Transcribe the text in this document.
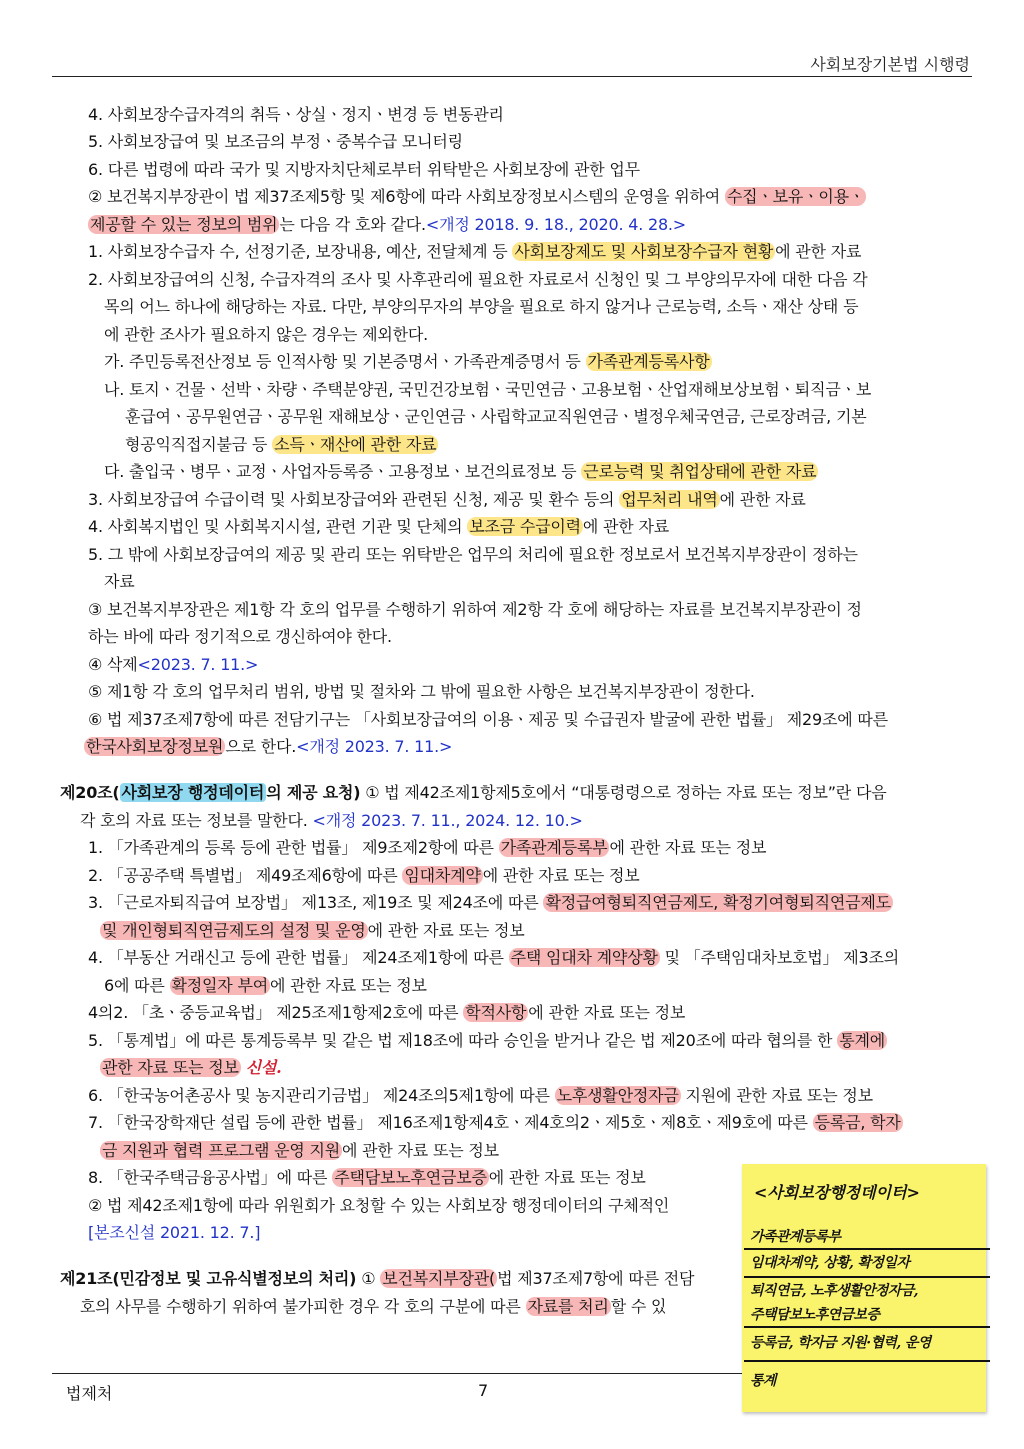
사회보장기본법 시행령
4. 사회보장수급자격의 취득ㆍ상실ㆍ정지ㆍ변경 등 변동관리
5. 사회보장급여 및 보조금의 부정ㆍ중복수급 모니터링
6. 다른 법령에 따라 국가 및 지방자치단체로부터 위탁받은 사회보장에 관한 업무
② 보건복지부장관이 법 제37조제5항 및 제6항에 따라 사회보장정보시스템의 운영을 위하여 수집ㆍ보유ㆍ이용ㆍ
제공할 수 있는 정보의 범위 는 다음 각 호와 같다.<개정 2018. 9. 18., 2020. 4. 28.>
1. 사회보장수급자 수, 선정기준, 보장내용, 예산, 전달체계 등 사회보장제도 및 사회보장수급자 현황 에 관한 자료
2. 사회보장급여의 신청, 수급자격의 조사 및 사후관리에 필요한 자료로서 신청인 및 그 부양의무자에 대한 다음 각
목의 어느 하나에 해당하는 자료. 다만, 부양의무자의 부양을 필요로 하지 않거나 근로능력, 소득ㆍ재산 상태 등
에 관한 조사가 필요하지 않은 경우는 제외한다.
가. 주민등록전산정보 등 인적사항 및 기본증명서ㆍ가족관계증명서 등 가족관계등록사항
나. 토지ㆍ건물ㆍ선박ㆍ차량ㆍ주택분양권, 국민건강보험ㆍ국민연금ㆍ고용보험ㆍ산업재해보상보험ㆍ퇴직금ㆍ보
훈급여ㆍ공무원연금ㆍ공무원 재해보상ㆍ군인연금ㆍ사립학교교직원연금ㆍ별정우체국연금, 근로장려금, 기본
형공익직접지불금 등 소득ㆍ재산에 관한 자료
다. 출입국ㆍ병무ㆍ교정ㆍ사업자등록증ㆍ고용정보ㆍ보건의료정보 등 근로능력 및 취업상태에 관한 자료
3. 사회보장급여 수급이력 및 사회보장급여와 관련된 신청, 제공 및 환수 등의 업무처리 내역 에 관한 자료
4. 사회복지법인 및 사회복지시설, 관련 기관 및 단체의 보조금 수급이력 에 관한 자료
5. 그 밖에 사회보장급여의 제공 및 관리 또는 위탁받은 업무의 처리에 필요한 정보로서 보건복지부장관이 정하는
자료
③ 보건복지부장관은 제1항 각 호의 업무를 수행하기 위하여 제2항 각 호에 해당하는 자료를 보건복지부장관이 정
하는 바에 따라 정기적으로 갱신하여야 한다.
④ 삭제<2023. 7. 11.>
⑤ 제1항 각 호의 업무처리 범위, 방법 및 절차와 그 밖에 필요한 사항은 보건복지부장관이 정한다.
⑥ 법 제37조제7항에 따른 전담기구는 「사회보장급여의 이용ㆍ제공 및 수급권자 발굴에 관한 법률」 제29조에 따른
한국사회보장정보원 으로 한다.<개정 2023. 7. 11.>
제20조( 사회보장 행정데이터 의 제공 요청) ① 법 제42조제1항제5호에서 “대통령령으로 정하는 자료 또는 정보”란 다음
각 호의 자료 또는 정보를 말한다. <개정 2023. 7. 11., 2024. 12. 10.>
1. 「가족관계의 등록 등에 관한 법률」 제9조제2항에 따른 가족관계등록부 에 관한 자료 또는 정보
2. 「공공주택 특별법」 제49조제6항에 따른 임대차계약 에 관한 자료 또는 정보
3. 「근로자퇴직급여 보장법」 제13조, 제19조 및 제24조에 따른 확정급여형퇴직연금제도, 확정기여형퇴직연금제도
및 개인형퇴직연금제도의 설정 및 운영 에 관한 자료 또는 정보
4. 「부동산 거래신고 등에 관한 법률」 제24조제1항에 따른 주택 임대차 계약상황 및 「주택임대차보호법」 제3조의
6에 따른 확정일자 부여 에 관한 자료 또는 정보
4의2. 「초ㆍ중등교육법」 제25조제1항제2호에 따른 학적사항 에 관한 자료 또는 정보
5. 「통계법」에 따른 통계등록부 및 같은 법 제18조에 따라 승인을 받거나 같은 법 제20조에 따라 협의를 한 통계에
관한 자료 또는 정보 신설.
6. 「한국농어촌공사 및 농지관리기금법」 제24조의5제1항에 따른 노후생활안정자금 지원에 관한 자료 또는 정보
7. 「한국장학재단 설립 등에 관한 법률」 제16조제1항제4호ㆍ제4호의2ㆍ제5호ㆍ제8호ㆍ제9호에 따른 등록금, 학자
금 지원과 협력 프로그램 운영 지원 에 관한 자료 또는 정보
8. 「한국주택금융공사법」에 따른 주택담보노후연금보증 에 관한 자료 또는 정보
② 법 제42조제1항에 따라 위원회가 요청할 수 있는 사회보장 행정데이터의 구체적인
[본조신설 2021. 12. 7.]
제21조(민감정보 및 고유식별정보의 처리) ① 보건복지부장관( 법 제37조제7항에 따른 전담
호의 사무를 수행하기 위하여 불가피한 경우 각 호의 구분에 따른 자료를 처리 할 수 있
법제처	7
<사회보장행정데이터>
가족관계등록부
임대차계약, 상황, 확정일자
퇴직연금, 노후생활안정자금,
주택담보노후연금보증
등록금, 학자금 지원·협력, 운영
통계
